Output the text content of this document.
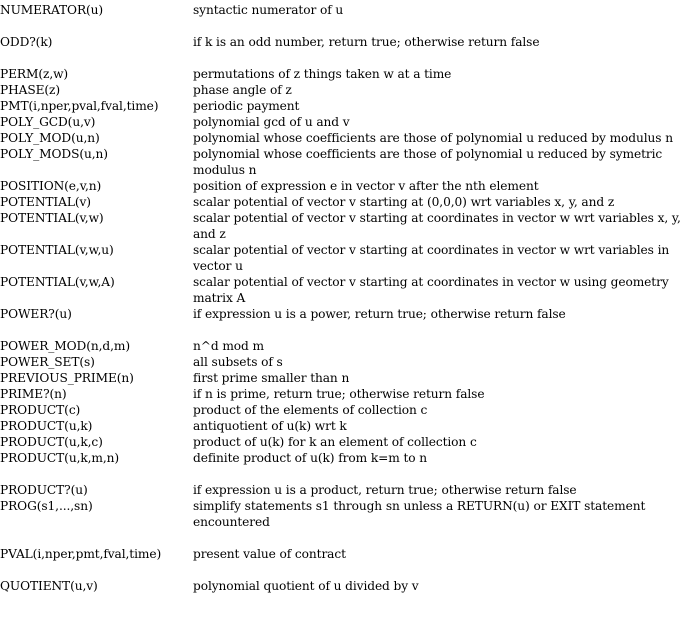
NUMERATOR(u)	syntactic numerator of u
ODD?(k)	if k is an odd number, return true; otherwise return false
PERM(z,w)	permutations of z things taken w at a time
PHASE(z)	phase angle of z
PMT(i,nper,pval,fval,time)	periodic payment
POLY_GCD(u,v)	polynomial gcd of u and v
POLY_MOD(u,n)	polynomial whose coefficients are those of polynomial u reduced by modulus n
POLY_MODS(u,n)	polynomial whose coefficients are those of polynomial u reduced by symetric modulus n
POSITION(e,v,n)	position of expression e in vector v after the nth element
POTENTIAL(v)	scalar potential of vector v starting at (0,0,0) wrt variables x, y, and z
POTENTIAL(v,w)	scalar potential of vector v starting at coordinates in vector w wrt variables x, y, and z
POTENTIAL(v,w,u)	scalar potential of vector v starting at coordinates in vector w wrt variables in vector u
POTENTIAL(v,w,A)	scalar potential of vector v starting at coordinates in vector w using geometry matrix A
POWER?(u)	if expression u is a power, return true; otherwise return false
POWER_MOD(n,d,m)	n^d mod m
POWER_SET(s)	all subsets of s
PREVIOUS_PRIME(n)	first prime smaller than n
PRIME?(n)	if n is prime, return true; otherwise return false
PRODUCT(c)	product of the elements of collection c
PRODUCT(u,k)	antiquotient of u(k) wrt k
PRODUCT(u,k,c)	product of u(k) for k an element of collection c
PRODUCT(u,k,m,n)	definite product of u(k) from k=m to n
PRODUCT?(u)	if expression u is a product, return true; otherwise return false
PROG(s1,...,sn)	simplify statements s1 through sn unless a RETURN(u) or EXIT statement encountered
PVAL(i,nper,pmt,fval,time)	present value of contract
QUOTIENT(u,v)	polynomial quotient of u divided by v
